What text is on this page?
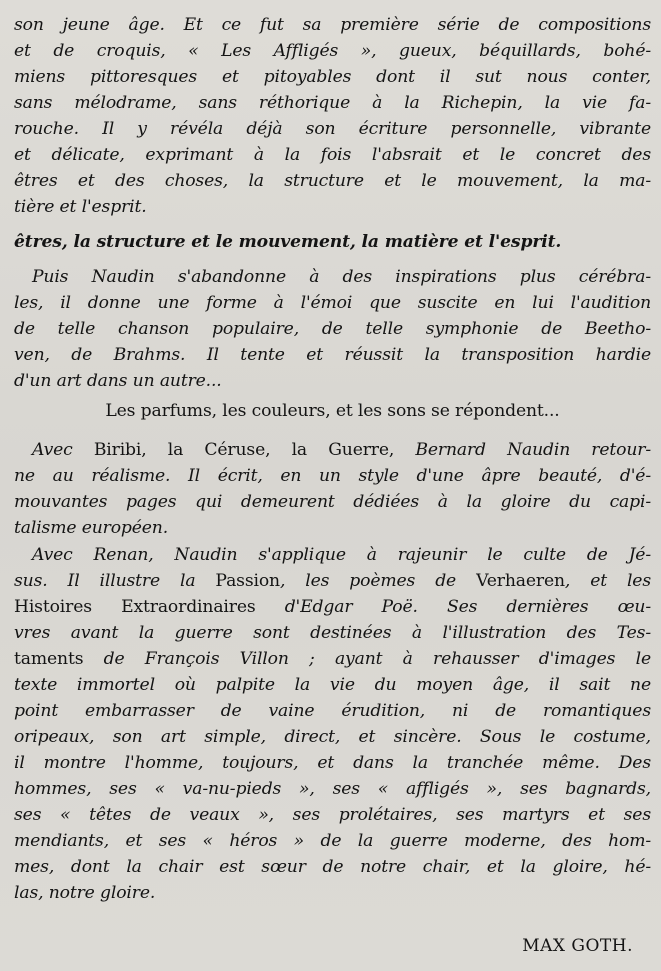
son jeune âge. Et ce fut sa première série de compositions
et de croquis, « Les Affligés », gueux, béquillards, bohé-
miens pittoresques et pitoyables dont il sut nous conter,
sans mélodrame, sans réthorique à la Richepin, la vie fa-
rouche. Il y révéla déjà son écriture personnelle, vibrante
et délicate, exprimant à la fois l'absrait et le concret des
êtres et des choses, la structure et le mouvement, la ma-
tière et l'esprit.
êtres, la structure et le mouvement, la matière et l'esprit.
Puis Naudin s'abandonne à des inspirations plus cérébra-
les, il donne une forme à l'émoi que suscite en lui l'audition
de telle chanson populaire, de telle symphonie de Beetho-
ven, de Brahms. Il tente et réussit la transposition hardie
d'un art dans un autre...
Les parfums, les couleurs, et les sons se répondent...
Avec Biribi, la Céruse, la Guerre, Bernard Naudin retour-
ne au réalisme. Il écrit, en un style d'une âpre beauté, d'é-
mouvantes pages qui demeurent dédiées à la gloire du capi-
talisme européen.
Avec Renan, Naudin s'applique à rajeunir le culte de Jé-
sus. Il illustre la Passion, les poèmes de Verhaeren, et les
Histoires Extraordinaires d'Edgar Poë. Ses dernières œu-
vres avant la guerre sont destinées à l'illustration des Tes-
taments de François Villon ; ayant à rehausser d'images le
texte immortel où palpite la vie du moyen âge, il sait ne
point embarrasser de vaine érudition, ni de romantiques
oripeaux, son art simple, direct, et sincère. Sous le costume,
il montre l'homme, toujours, et dans la tranchée même. Des
hommes, ses « va-nu-pieds », ses « affligés », ses bagnards,
ses « têtes de veaux », ses prolétaires, ses martyrs et ses
mendiants, et ses « héros » de la guerre moderne, des hom-
mes, dont la chair est sœur de notre chair, et la gloire, hé-
las, notre gloire.

MAX GOTH.
